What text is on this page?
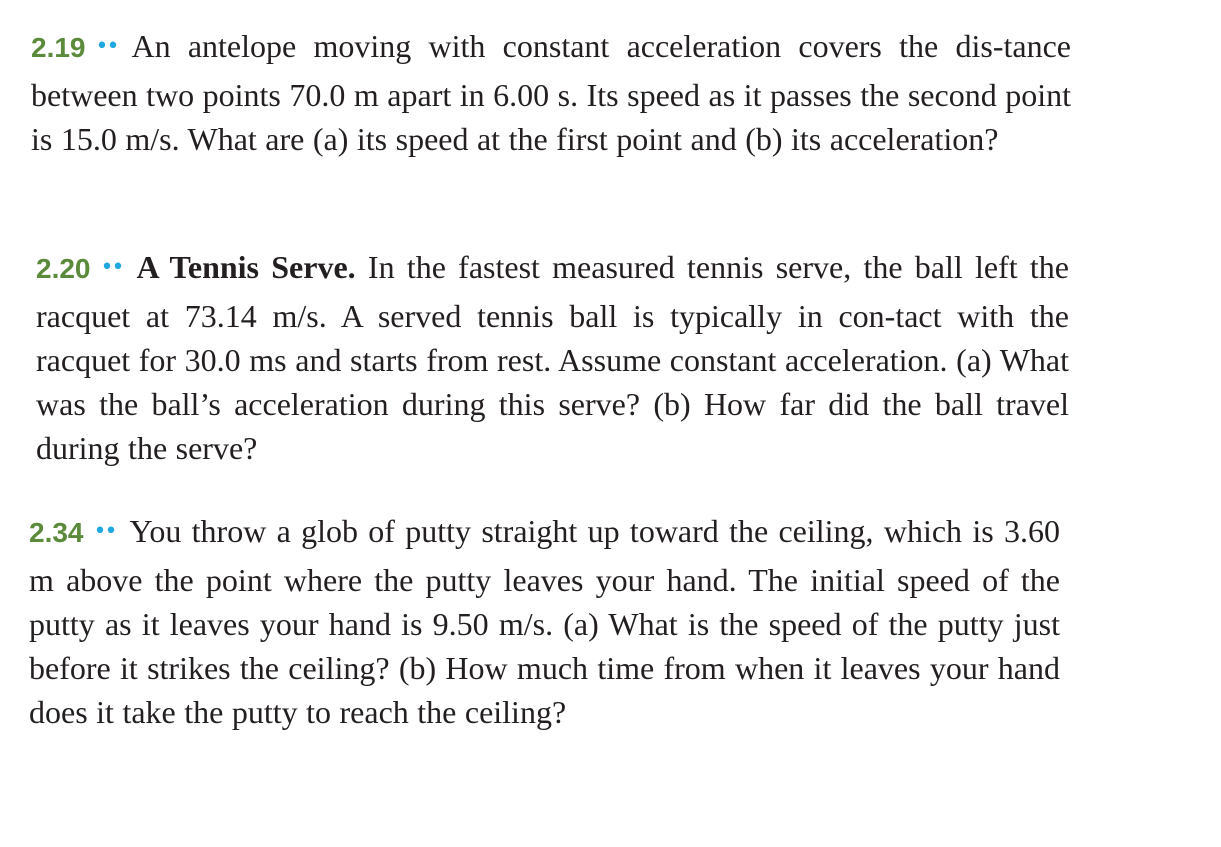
2.19 •• An antelope moving with constant acceleration covers the dis-tance between two points 70.0 m apart in 6.00 s. Its speed as it passes the second point is 15.0 m/s. What are (a) its speed at the first point and (b) its acceleration?
2.20 •• A Tennis Serve. In the fastest measured tennis serve, the ball left the racquet at 73.14 m/s. A served tennis ball is typically in con-tact with the racquet for 30.0 ms and starts from rest. Assume constant acceleration. (a) What was the ball’s acceleration during this serve? (b) How far did the ball travel during the serve?
2.34 •• You throw a glob of putty straight up toward the ceiling, which is 3.60 m above the point where the putty leaves your hand. The initial speed of the putty as it leaves your hand is 9.50 m/s. (a) What is the speed of the putty just before it strikes the ceiling? (b) How much time from when it leaves your hand does it take the putty to reach the ceiling?
